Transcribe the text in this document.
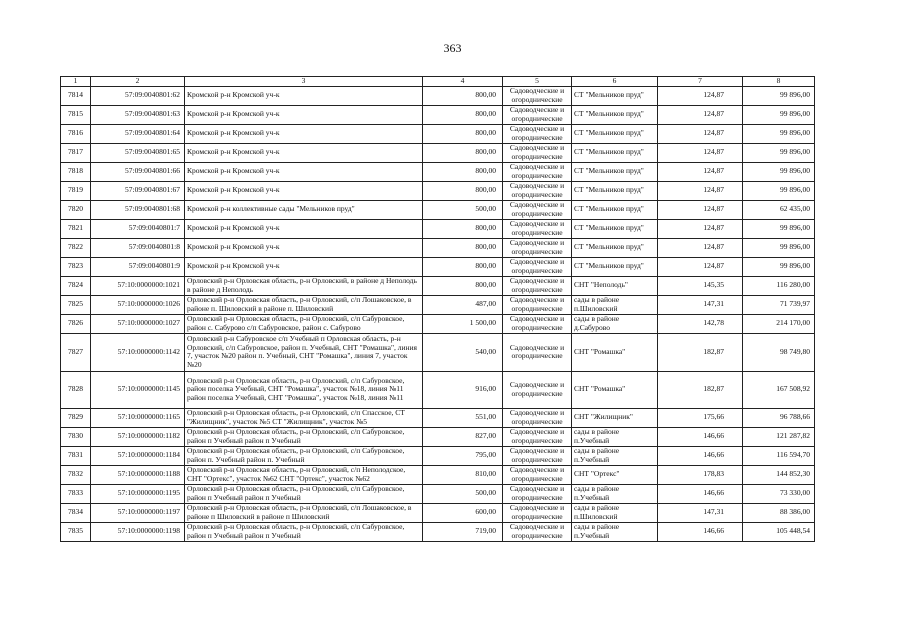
363
1	2	3	4	5	6	7	8
7814	57:09:0040801:62	Кромской р-н Кромской уч-к	800,00	Садоводческие и огороднические	СТ "Мельников пруд"	124,87	99 896,00
7815	57:09:0040801:63	Кромской р-н Кромской уч-к	800,00	Садоводческие и огороднические	СТ "Мельников пруд"	124,87	99 896,00
7816	57:09:0040801:64	Кромской р-н Кромской уч-к	800,00	Садоводческие и огороднические	СТ "Мельников пруд"	124,87	99 896,00
7817	57:09:0040801:65	Кромской р-н Кромской уч-к	800,00	Садоводческие и огороднические	СТ "Мельников пруд"	124,87	99 896,00
7818	57:09:0040801:66	Кромской р-н Кромской уч-к	800,00	Садоводческие и огороднические	СТ "Мельников пруд"	124,87	99 896,00
7819	57:09:0040801:67	Кромской р-н Кромской уч-к	800,00	Садоводческие и огороднические	СТ "Мельников пруд"	124,87	99 896,00
7820	57:09:0040801:68	Кромской р-н коллективные сады "Мельников пруд"	500,00	Садоводческие и огороднические	СТ "Мельников пруд"	124,87	62 435,00
7821	57:09:0040801:7	Кромской р-н Кромской уч-к	800,00	Садоводческие и огороднические	СТ "Мельников пруд"	124,87	99 896,00
7822	57:09:0040801:8	Кромской р-н Кромской уч-к	800,00	Садоводческие и огороднические	СТ "Мельников пруд"	124,87	99 896,00
7823	57:09:0040801:9	Кромской р-н Кромской уч-к	800,00	Садоводческие и огороднические	СТ "Мельников пруд"	124,87	99 896,00
7824	57:10:0000000:1021	Орловский р-н Орловская область, р-н Орловский, в районе д Неполодь в районе д Неполодь	800,00	Садоводческие и огороднические	СНТ "Неполодь"	145,35	116 280,00
7825	57:10:0000000:1026	Орловский р-н Орловская область, р-н Орловский, с/п Лошаковское, в районе п. Шиловский в районе п. Шиловский	487,00	Садоводческие и огороднические	сады в районе п.Шиловский	147,31	71 739,97
7826	57:10:0000000:1027	Орловский р-н Орловская область, р-н Орловский, с/п Сабуровское, район с. Сабурово с/п Сабуровское, район с. Сабурово	1 500,00	Садоводческие и огороднические	сады в районе д.Сабурово	142,78	214 170,00
7827	57:10:0000000:1142	Орловский р-н Сабуровское с/п Учебный п Орловская область, р-н Орловский, с/п Сабуровское, район п. Учебный, СНТ "Ромашка", линия 7, участок №20 район п. Учебный, СНТ "Ромашка", линия 7, участок №20	540,00	Садоводческие и огороднические	СНТ "Ромашка"	182,87	98 749,80
7828	57:10:0000000:1145	Орловский р-н Орловская область, р-н Орловский, с/п Сабуровское, район поселка Учебный, СНТ "Ромашка", участок №18, линия №11 район поселка Учебный, СНТ "Ромашка", участок №18, линия №11	916,00	Садоводческие и огороднические	СНТ "Ромашка"	182,87	167 508,92
7829	57:10:0000000:1165	Орловский р-н Орловская область, р-н Орловский, с/п Спасское, СТ "Жилищник", участок №5 СТ "Жилищник", участок №5	551,00	Садоводческие и огороднические	СНТ "Жилищник"	175,66	96 788,66
7830	57:10:0000000:1182	Орловский р-н Орловская область, р-н Орловский, с/п Сабуровское, район п Учебный район п Учебный	827,00	Садоводческие и огороднические	сады в районе п.Учебный	146,66	121 287,82
7831	57:10:0000000:1184	Орловский р-н Орловская область, р-н Орловский, с/п Сабуровское, район п. Учебный район п. Учебный	795,00	Садоводческие и огороднические	сады в районе п.Учебный	146,66	116 594,70
7832	57:10:0000000:1188	Орловский р-н Орловская область, р-н Орловский, с/п Неполодское, СНТ "Ортекс", участок №62 СНТ "Ортекс", участок №62	810,00	Садоводческие и огороднические	СНТ "Ортекс"	178,83	144 852,30
7833	57:10:0000000:1195	Орловский р-н Орловская область, р-н Орловский, с/п Сабуровское, район п Учебный район п Учебный	500,00	Садоводческие и огороднические	сады в районе п.Учебный	146,66	73 330,00
7834	57:10:0000000:1197	Орловский р-н Орловская область, р-н Орловский, с/п Лошаковское, в районе п Шиловский в районе п Шиловский	600,00	Садоводческие и огороднические	сады в районе п.Шиловский	147,31	88 386,00
7835	57:10:0000000:1198	Орловский р-н Орловская область, р-н Орловский, с/п Сабуровское, район п Учебный район п Учебный	719,00	Садоводческие и огороднические	сады в районе п.Учебный	146,66	105 448,54
